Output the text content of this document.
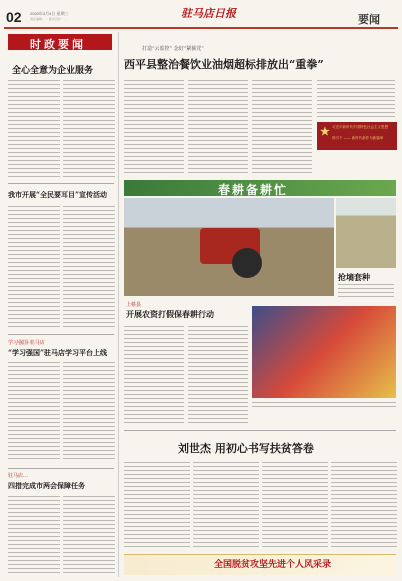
02 2020年3月4日 星期三
责任编辑：… 版式设计：…	驻马店日报	要闻
时政要闻
全心全意为企业服务
我市开展“全民要耳目”宣传活动
学习强国·驻马店
“学习强国”驻马店学习平台上线
驻马店…
四措完成市两会保障任务
打造“云监控” 念好“紧箍咒”
西平县整治餐饮业油烟超标排放出“重拳”
★ 习近平新时代中国特色社会主义思想
指引下 —— 新时代新作为新篇章
春耕备耕忙
抢墒套种
上蔡县
开展农资打假保春耕行动
刘世杰 用初心书写扶贫答卷
全国脱贫攻坚先进个人风采录
